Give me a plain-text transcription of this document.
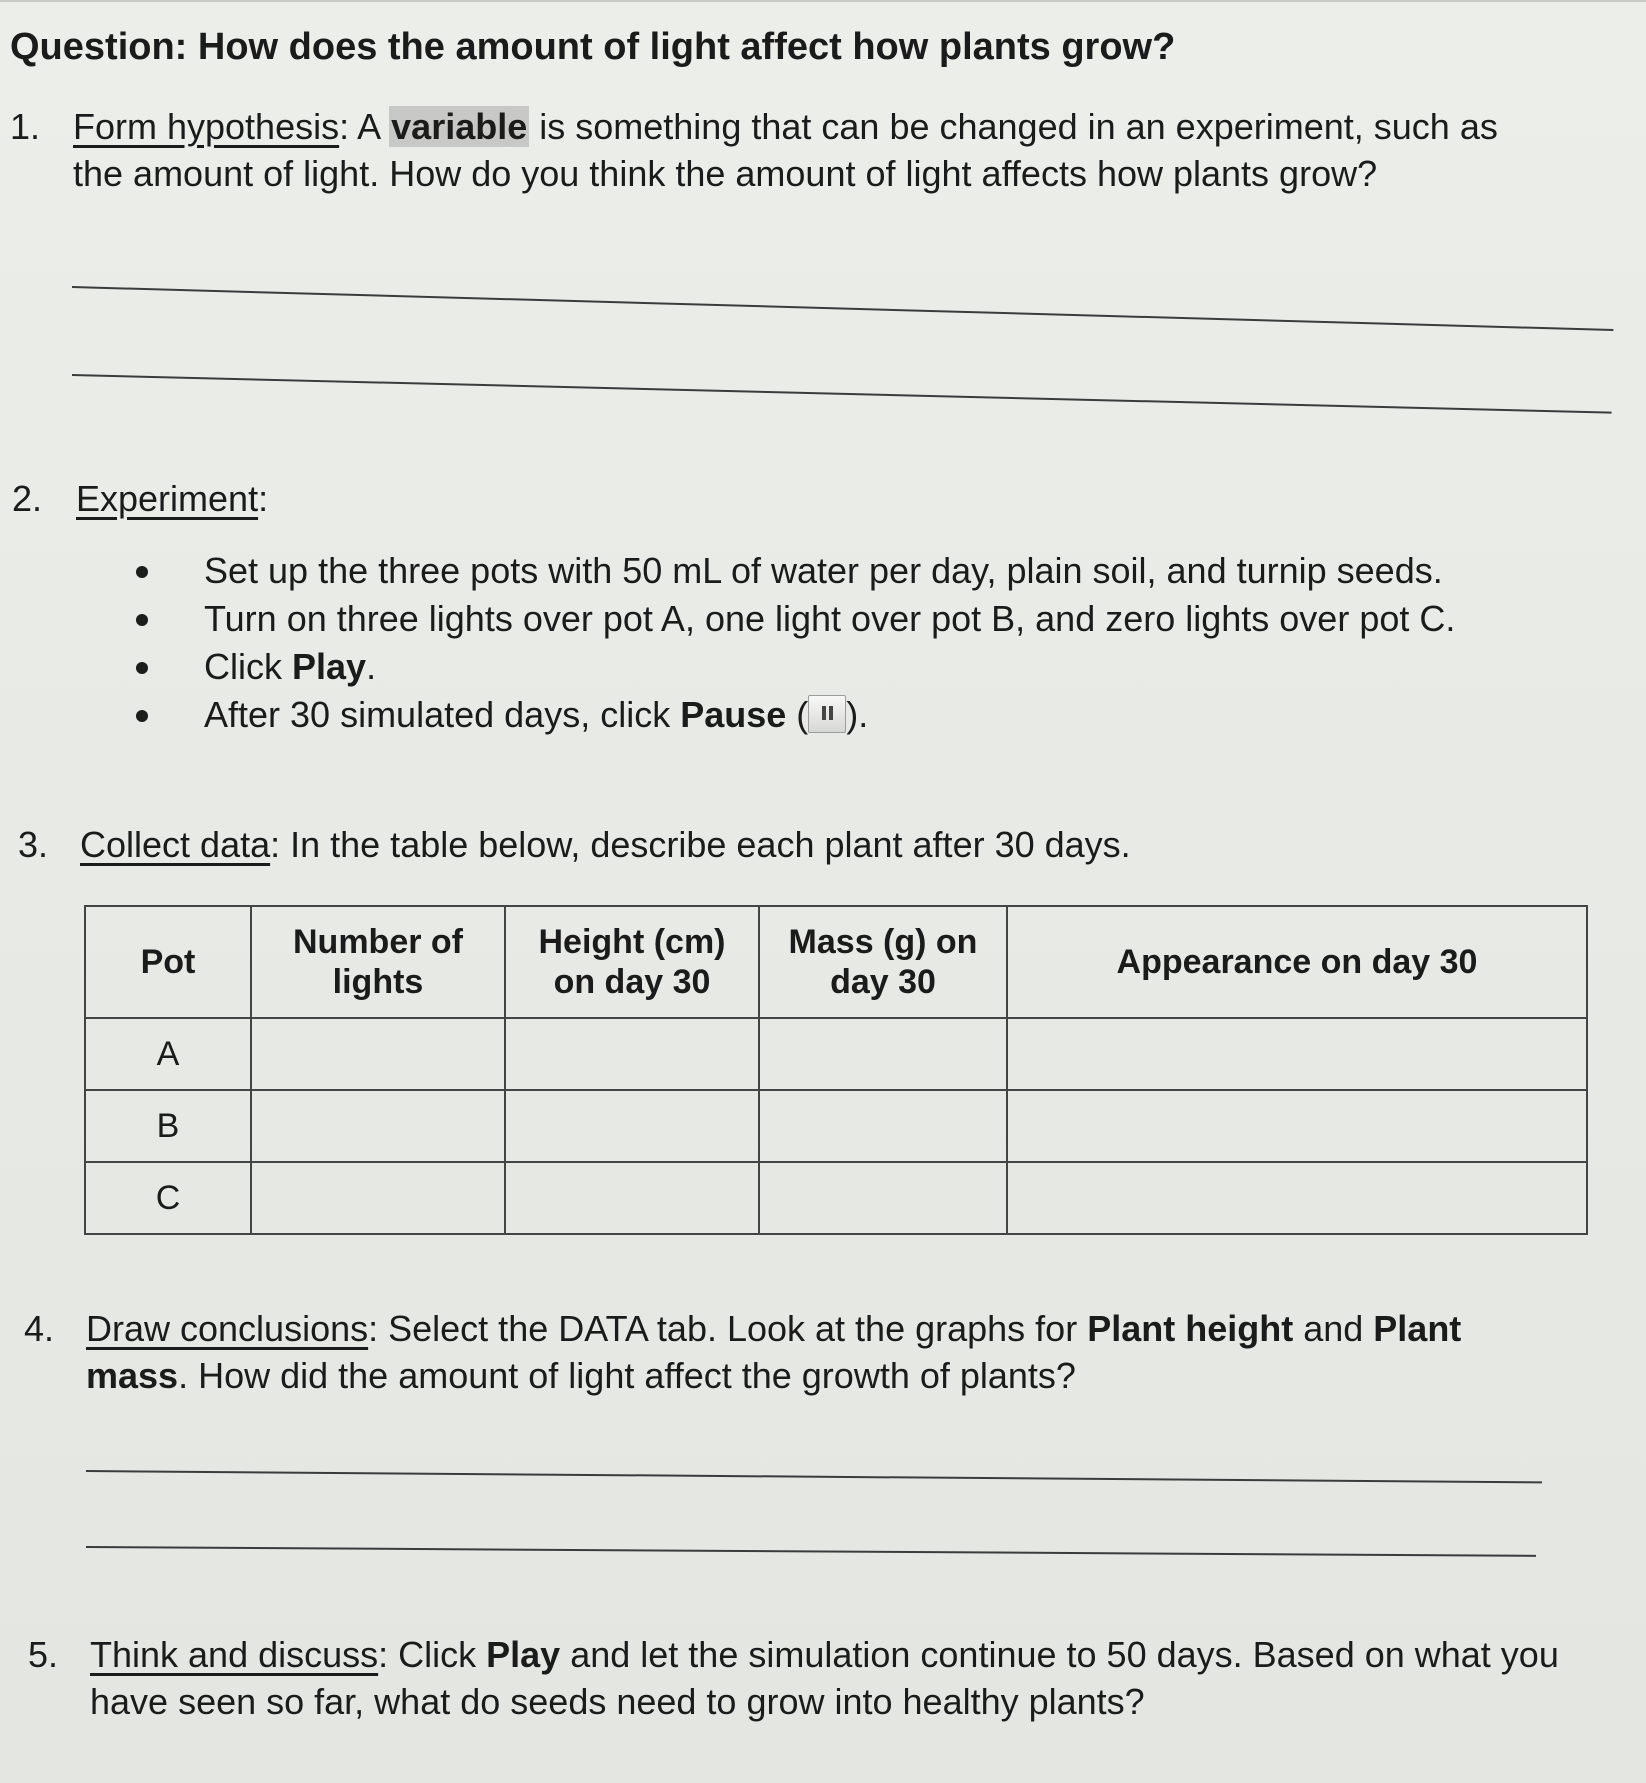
Question: How does the amount of light affect how plants grow?
1. Form hypothesis: A variable is something that can be changed in an experiment, such as
the amount of light. How do you think the amount of light affects how plants grow?
2. Experiment:
Set up the three pots with 50 mL of water per day, plain soil, and turnip seeds.
Turn on three lights over pot A, one light over pot B, and zero lights over pot C.
Click Play.
After 30 simulated days, click Pause ( ).
3. Collect data: In the table below, describe each plant after 30 days.
Pot	Number of lights	Height (cm) on day 30	Mass (g) on day 30	Appearance on day 30
A				
B				
C				
4. Draw conclusions: Select the DATA tab. Look at the graphs for Plant height and Plant
mass. How did the amount of light affect the growth of plants?
5. Think and discuss: Click Play and let the simulation continue to 50 days. Based on what you
have seen so far, what do seeds need to grow into healthy plants?
